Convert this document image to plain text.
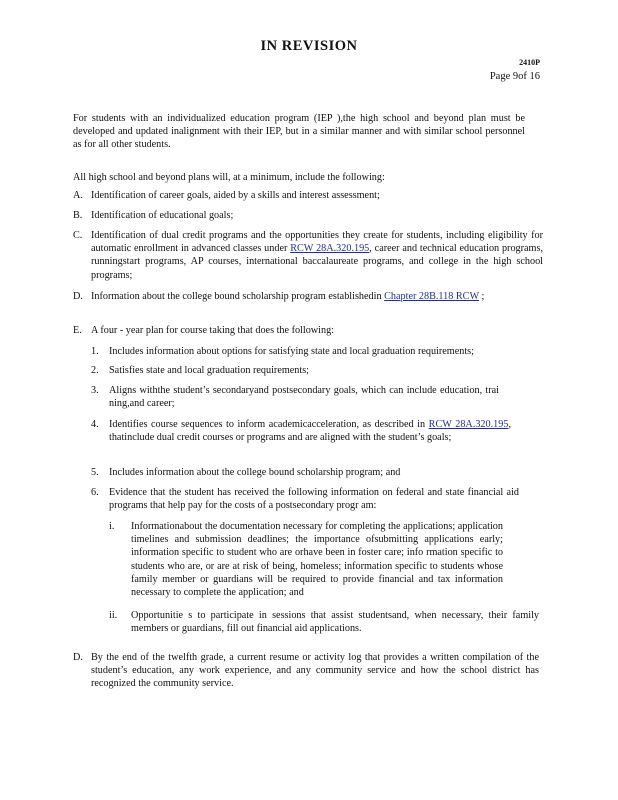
IN REVISION
2410P
Page 9of 16
For students with an individualized education program (IEP ),the high school and beyond plan must be developed and updated inalignment with their IEP, but in a similar manner and with similar school personnel as for all other students.
All high school and beyond plans will, at a minimum, include the following:
A. Identification of career goals, aided by a skills and interest assessment;
B. Identification of educational goals;
C. Identification of dual credit programs and the opportunities they create for students, including eligibility for automatic enrollment in advanced classes under RCW 28A.320.195, career and technical education programs, runningstart programs, AP courses, international baccalaureate programs, and college in the high school programs;
D. Information about the college bound scholarship program establishedin Chapter 28B.118 RCW ;
E. A four - year plan for course taking that does the following:
1. Includes information about options for satisfying state and local graduation requirements;
2. Satisfies state and local graduation requirements;
3. Aligns withthe student’s secondaryand postsecondary goals, which can include education, trai ning,and career;
4. Identifies course sequences to inform academicacceleration, as described in RCW 28A.320.195, thatinclude dual credit courses or programs and are aligned with the student’s goals;
5. Includes information about the college bound scholarship program; and
6. Evidence that the student has received the following information on federal and state financial aid programs that help pay for the costs of a postsecondary progr am:
i. Informationabout the documentation necessary for completing the applications; application timelines and submission deadlines; the importance ofsubmitting applications early; information specific to student who are orhave been in foster care; info rmation specific to students who are, or are at risk of being, homeless; information specific to students whose family member or guardians will be required to provide financial and tax information necessary to complete the application; and
ii. Opportunitie s to participate in sessions that assist studentsand, when necessary, their family members or guardians, fill out financial aid applications.
D. By the end of the twelfth grade, a current resume or activity log that provides a written compilation of the student’s education, any work experience, and any community service and how the school district has recognized the community service.
